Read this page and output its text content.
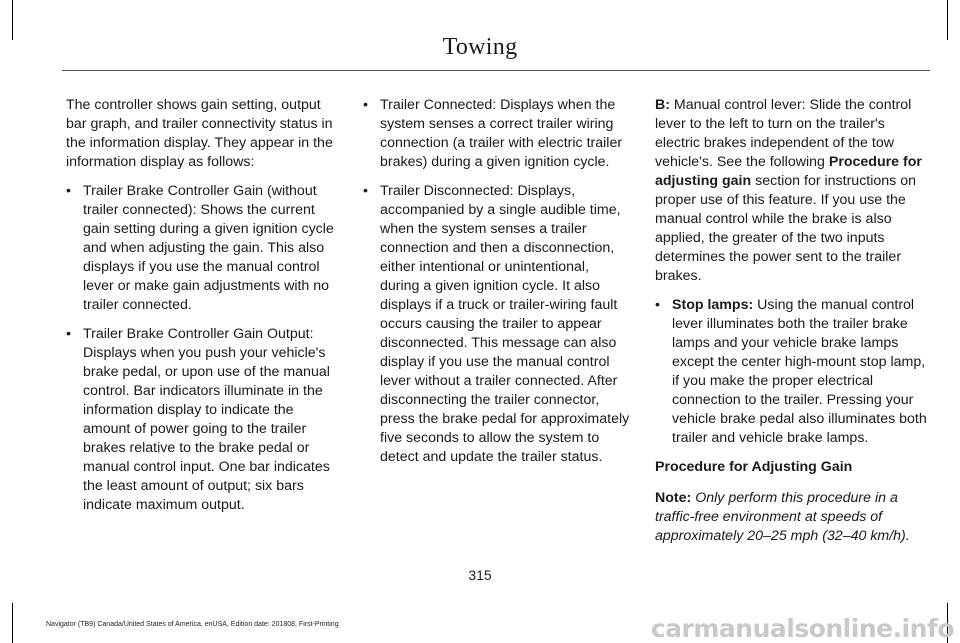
Towing

The controller shows gain setting, output bar graph, and trailer connectivity status in the information display. They appear in the information display as follows:

• Trailer Brake Controller Gain (without trailer connected): Shows the current gain setting during a given ignition cycle and when adjusting the gain. This also displays if you use the manual control lever or make gain adjustments with no trailer connected.
• Trailer Brake Controller Gain Output: Displays when you push your vehicle's brake pedal, or upon use of the manual control. Bar indicators illuminate in the information display to indicate the amount of power going to the trailer brakes relative to the brake pedal or manual control input. One bar indicates the least amount of output; six bars indicate maximum output.
• Trailer Connected: Displays when the system senses a correct trailer wiring connection (a trailer with electric trailer brakes) during a given ignition cycle.
• Trailer Disconnected: Displays, accompanied by a single audible time, when the system senses a trailer connection and then a disconnection, either intentional or unintentional, during a given ignition cycle. It also displays if a truck or trailer-wiring fault occurs causing the trailer to appear disconnected. This message can also display if you use the manual control lever without a trailer connected. After disconnecting the trailer connector, press the brake pedal for approximately five seconds to allow the system to detect and update the trailer status.

B: Manual control lever: Slide the control lever to the left to turn on the trailer's electric brakes independent of the tow vehicle's. See the following Procedure for adjusting gain section for instructions on proper use of this feature. If you use the manual control while the brake is also applied, the greater of the two inputs determines the power sent to the trailer brakes.

• Stop lamps: Using the manual control lever illuminates both the trailer brake lamps and your vehicle brake lamps except the center high-mount stop lamp, if you make the proper electrical connection to the trailer. Pressing your vehicle brake pedal also illuminates both trailer and vehicle brake lamps.
Procedure for Adjusting Gain

Note: Only perform this procedure in a traffic-free environment at speeds of approximately 20–25 mph (32–40 km/h).

315
Navigator (TB9) Canada/United States of America, enUSA, Edition date: 201808, First-Printing	carmanualsonline.info
